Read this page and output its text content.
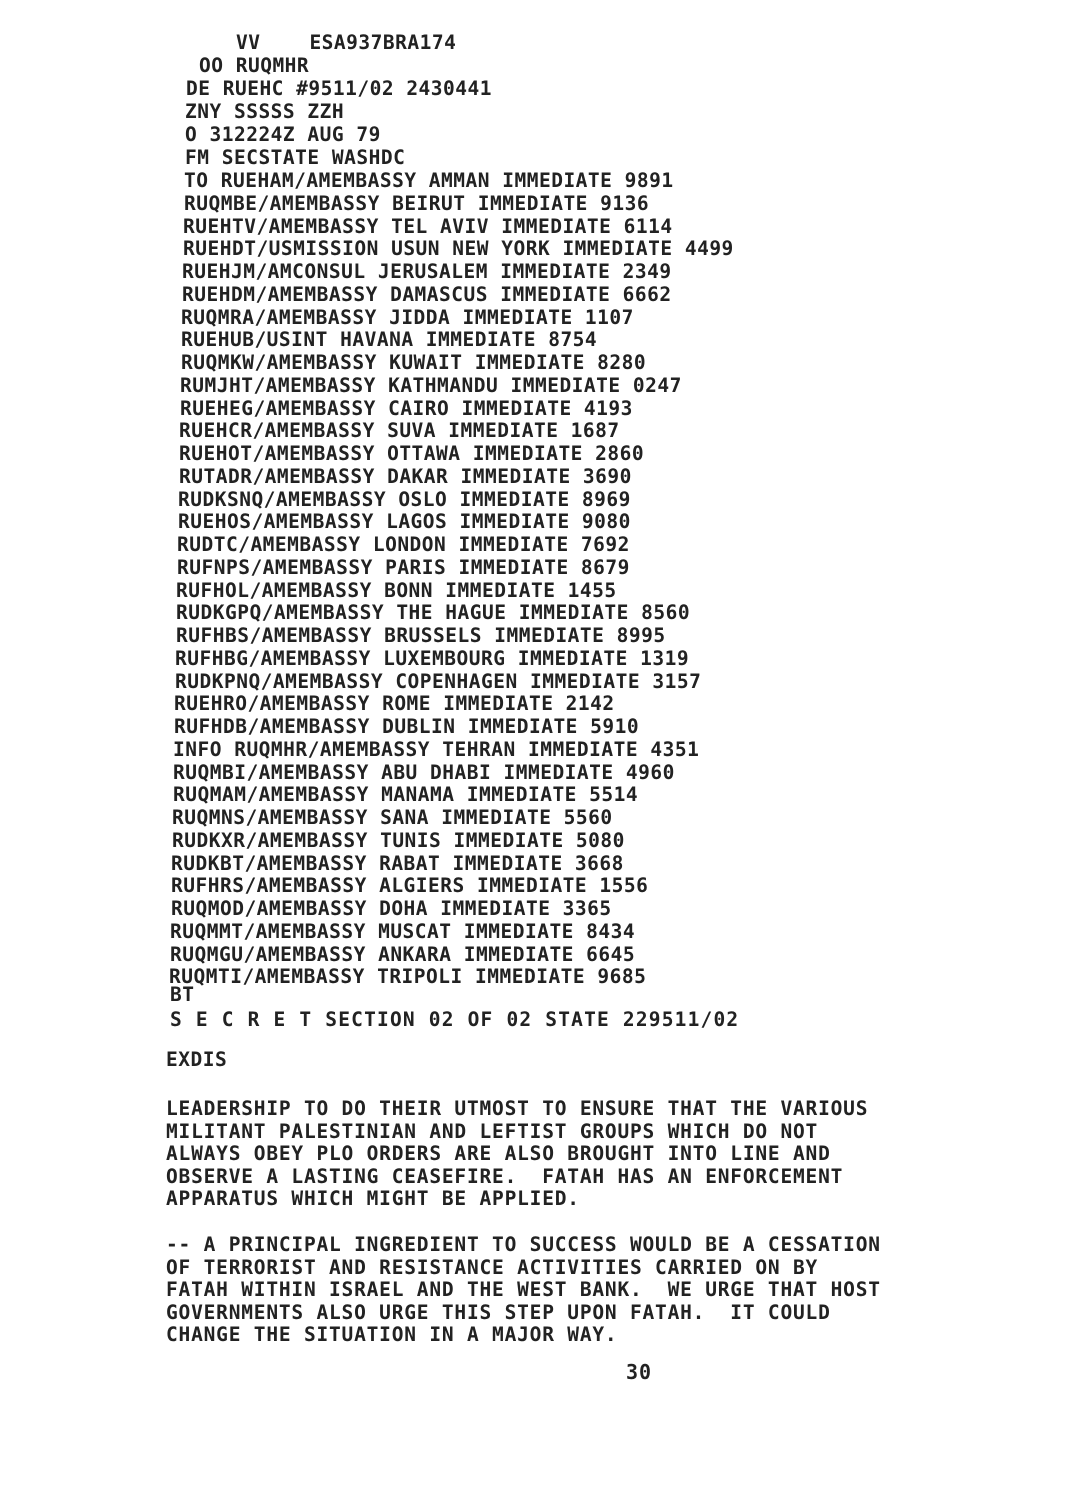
VV    ESA937BRA174
OO RUQMHR
DE RUEHC #9511/02 2430441
ZNY SSSSS ZZH
O 312224Z AUG 79
FM SECSTATE WASHDC
TO RUEHAM/AMEMBASSY AMMAN IMMEDIATE 9891
RUQMBE/AMEMBASSY BEIRUT IMMEDIATE 9136
RUEHTV/AMEMBASSY TEL AVIV IMMEDIATE 6114
RUEHDT/USMISSION USUN NEW YORK IMMEDIATE 4499
RUEHJM/AMCONSUL JERUSALEM IMMEDIATE 2349
RUEHDM/AMEMBASSY DAMASCUS IMMEDIATE 6662
RUQMRA/AMEMBASSY JIDDA IMMEDIATE 1107
RUEHUB/USINT HAVANA IMMEDIATE 8754
RUQMKW/AMEMBASSY KUWAIT IMMEDIATE 8280
RUMJHT/AMEMBASSY KATHMANDU IMMEDIATE 0247
RUEHEG/AMEMBASSY CAIRO IMMEDIATE 4193
RUEHCR/AMEMBASSY SUVA IMMEDIATE 1687
RUEHOT/AMEMBASSY OTTAWA IMMEDIATE 2860
RUTADR/AMEMBASSY DAKAR IMMEDIATE 3690
RUDKSNQ/AMEMBASSY OSLO IMMEDIATE 8969
RUEHOS/AMEMBASSY LAGOS IMMEDIATE 9080
RUDTC/AMEMBASSY LONDON IMMEDIATE 7692
RUFNPS/AMEMBASSY PARIS IMMEDIATE 8679
RUFHOL/AMEMBASSY BONN IMMEDIATE 1455
RUDKGPQ/AMEMBASSY THE HAGUE IMMEDIATE 8560
RUFHBS/AMEMBASSY BRUSSELS IMMEDIATE 8995
RUFHBG/AMEMBASSY LUXEMBOURG IMMEDIATE 1319
RUDKPNQ/AMEMBASSY COPENHAGEN IMMEDIATE 3157
RUEHRO/AMEMBASSY ROME IMMEDIATE 2142
RUFHDB/AMEMBASSY DUBLIN IMMEDIATE 5910
INFO RUQMHR/AMEMBASSY TEHRAN IMMEDIATE 4351
RUQMBI/AMEMBASSY ABU DHABI IMMEDIATE 4960
RUQMAM/AMEMBASSY MANAMA IMMEDIATE 5514
RUQMNS/AMEMBASSY SANA IMMEDIATE 5560
RUDKXR/AMEMBASSY TUNIS IMMEDIATE 5080
RUDKBT/AMEMBASSY RABAT IMMEDIATE 3668
RUFHRS/AMEMBASSY ALGIERS IMMEDIATE 1556
RUQMOD/AMEMBASSY DOHA IMMEDIATE 3365
RUQMMT/AMEMBASSY MUSCAT IMMEDIATE 8434
RUQMGU/AMEMBASSY ANKARA IMMEDIATE 6645
RUQMTI/AMEMBASSY TRIPOLI IMMEDIATE 9685
BT
S E C R E T SECTION 02 OF 02 STATE 229511/02
EXDIS
LEADERSHIP TO DO THEIR UTMOST TO ENSURE THAT THE VARIOUS
MILITANT PALESTINIAN AND LEFTIST GROUPS WHICH DO NOT
ALWAYS OBEY PLO ORDERS ARE ALSO BROUGHT INTO LINE AND
OBSERVE A LASTING CEASEFIRE.  FATAH HAS AN ENFORCEMENT
APPARATUS WHICH MIGHT BE APPLIED.
-- A PRINCIPAL INGREDIENT TO SUCCESS WOULD BE A CESSATION
OF TERRORIST AND RESISTANCE ACTIVITIES CARRIED ON BY
FATAH WITHIN ISRAEL AND THE WEST BANK.  WE URGE THAT HOST
GOVERNMENTS ALSO URGE THIS STEP UPON FATAH.  IT COULD
CHANGE THE SITUATION IN A MAJOR WAY.
30
